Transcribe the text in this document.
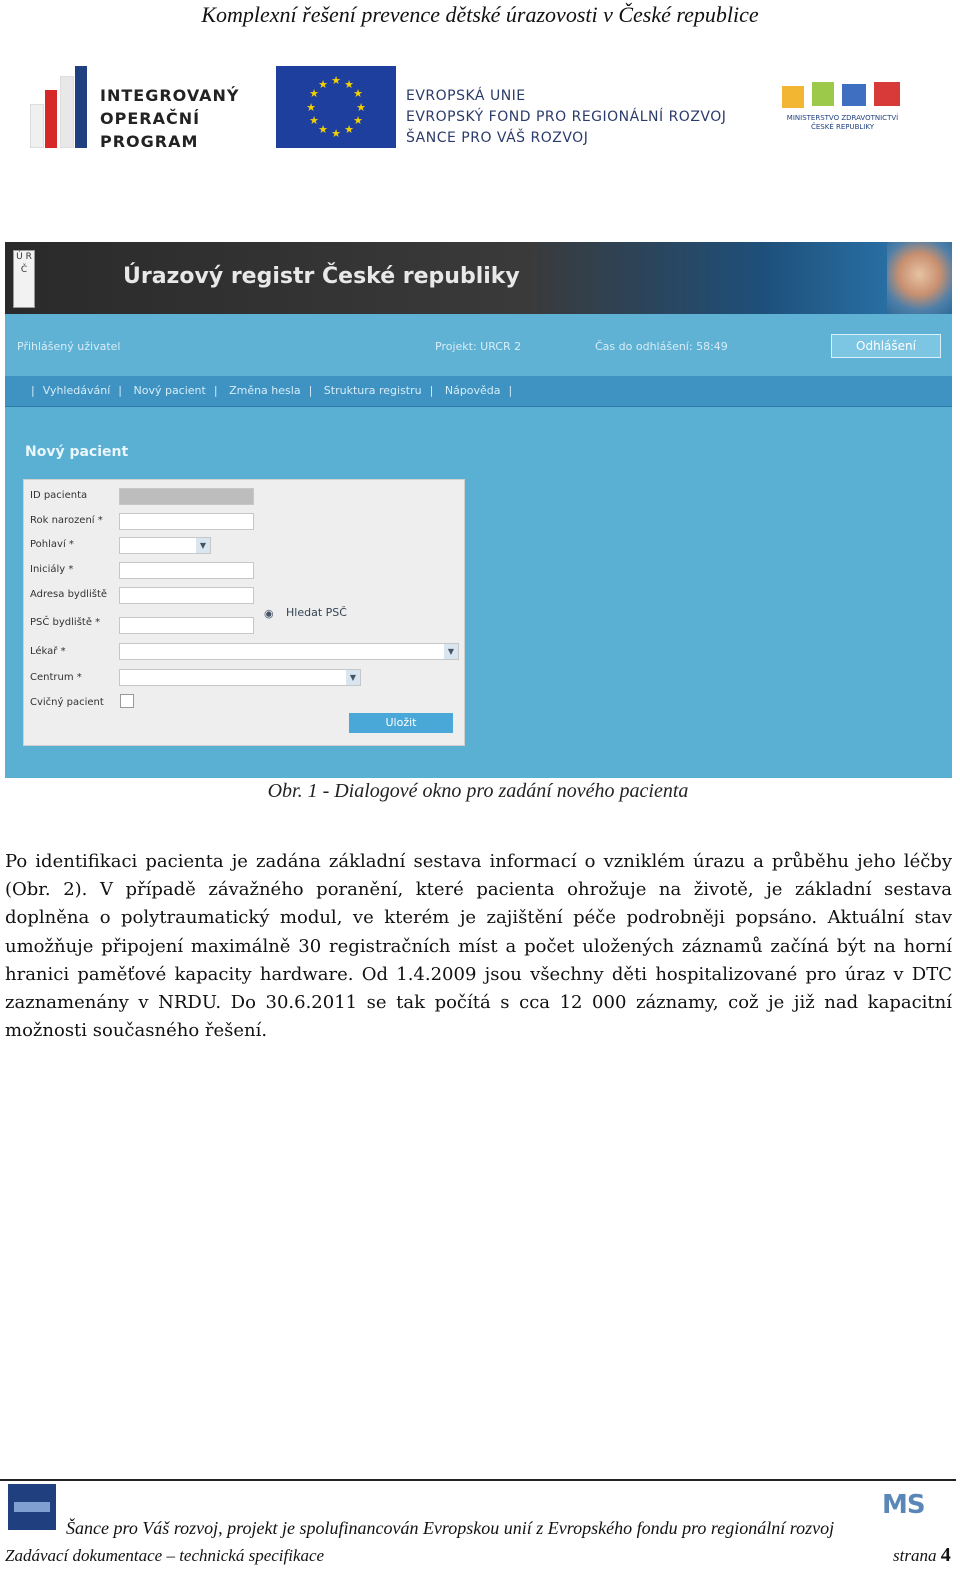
Komplexní řešení prevence dětské úrazovosti v České republice
INTEGROVANÝ
OPERAČNÍ
PROGRAM
★ ★
★
★
★
★
★
★
★
★
★
★
EVROPSKÁ UNIE
EVROPSKÝ FOND PRO REGIONÁLNÍ ROZVOJ
ŠANCE PRO VÁŠ ROZVOJ
MINISTERSTVO ZDRAVOTNICTVÍ
ČESKÉ REPUBLIKY
Ú R Č	Úrazový registr České republiky
Přihlášený uživatel	Projekt: URCR 2	Čas do odhlášení: 58:49	Odhlášení
| Vyhledávání | Nový pacient | Změna hesla | Struktura registru | Nápověda |
Nový pacient
ID pacienta
Rok narození *
Pohlaví *	▼
Iniciály *
Adresa bydliště
PSČ bydliště *
◉ Hledat PSČ
Lékař *	▼
Centrum *	▼
Cvičný pacient
Uložit
Obr. 1 - Dialogové okno pro zadání nového pacienta
Po identifikaci pacienta je zadána základní sestava informací o vzniklém úrazu a průběhu jeho léčby (Obr. 2). V případě závažného poranění, které pacienta ohrožuje na životě, je základní sestava doplněna o polytraumatický modul, ve kterém je zajištění péče podrobněji popsáno. Aktuální stav umožňuje připojení maximálně 30 registračních míst a počet uložených záznamů začíná být na horní hranici paměťové kapacity hardware. Od 1.4.2009 jsou všechny děti hospitalizované pro úraz v DTC zaznamenány v NRDU. Do 30.6.2011 se tak počítá s cca 12 000 záznamy, což je již nad kapacitní možnosti současného řešení.
MS
Šance pro Váš rozvoj, projekt je spolufinancován Evropskou unií z Evropského fondu pro regionální rozvoj
Zadávací dokumentace – technická specifikace	strana 4
